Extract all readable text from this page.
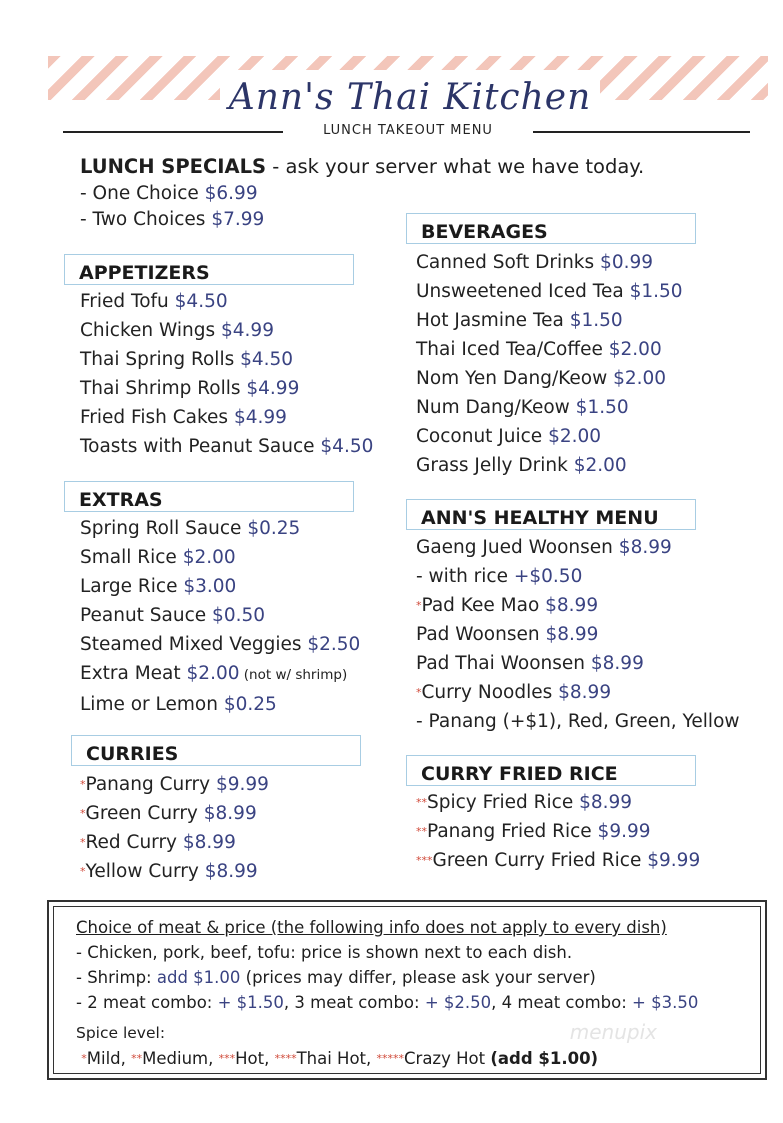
Ann's Thai Kitchen
LUNCH TAKEOUT MENU
LUNCH SPECIALS - ask your server what we have today.
- One Choice $6.99
- Two Choices $7.99
APPETIZERS
Fried Tofu $4.50
Chicken Wings $4.99
Thai Spring Rolls $4.50
Thai Shrimp Rolls $4.99
Fried Fish Cakes $4.99
Toasts with Peanut Sauce $4.50
EXTRAS
Spring Roll Sauce $0.25
Small Rice $2.00
Large Rice $3.00
Peanut Sauce $0.50
Steamed Mixed Veggies $2.50
Extra Meat $2.00 (not w/ shrimp)
Lime or Lemon $0.25
CURRIES
*Panang Curry $9.99
*Green Curry $8.99
*Red Curry $8.99
*Yellow Curry $8.99
BEVERAGES
Canned Soft Drinks $0.99
Unsweetened Iced Tea $1.50
Hot Jasmine Tea $1.50
Thai Iced Tea/Coffee $2.00
Nom Yen Dang/Keow $2.00
Num Dang/Keow $1.50
Coconut Juice $2.00
Grass Jelly Drink $2.00
ANN'S HEALTHY MENU
Gaeng Jued Woonsen $8.99
- with rice +$0.50
*Pad Kee Mao $8.99
Pad Woonsen $8.99
Pad Thai Woonsen $8.99
*Curry Noodles $8.99
- Panang (+$1), Red, Green, Yellow
CURRY FRIED RICE
**Spicy Fried Rice $8.99
**Panang Fried Rice $9.99
***Green Curry Fried Rice $9.99
Choice of meat & price (the following info does not apply to every dish)
- Chicken, pork, beef, tofu: price is shown next to each dish.
- Shrimp: add $1.00 (prices may differ, please ask your server)
- 2 meat combo: + $1.50, 3 meat combo: + $2.50, 4 meat combo: + $3.50
Spice level:
*Mild, **Medium, ***Hot, ****Thai Hot, *****Crazy Hot (add $1.00)
menupix
